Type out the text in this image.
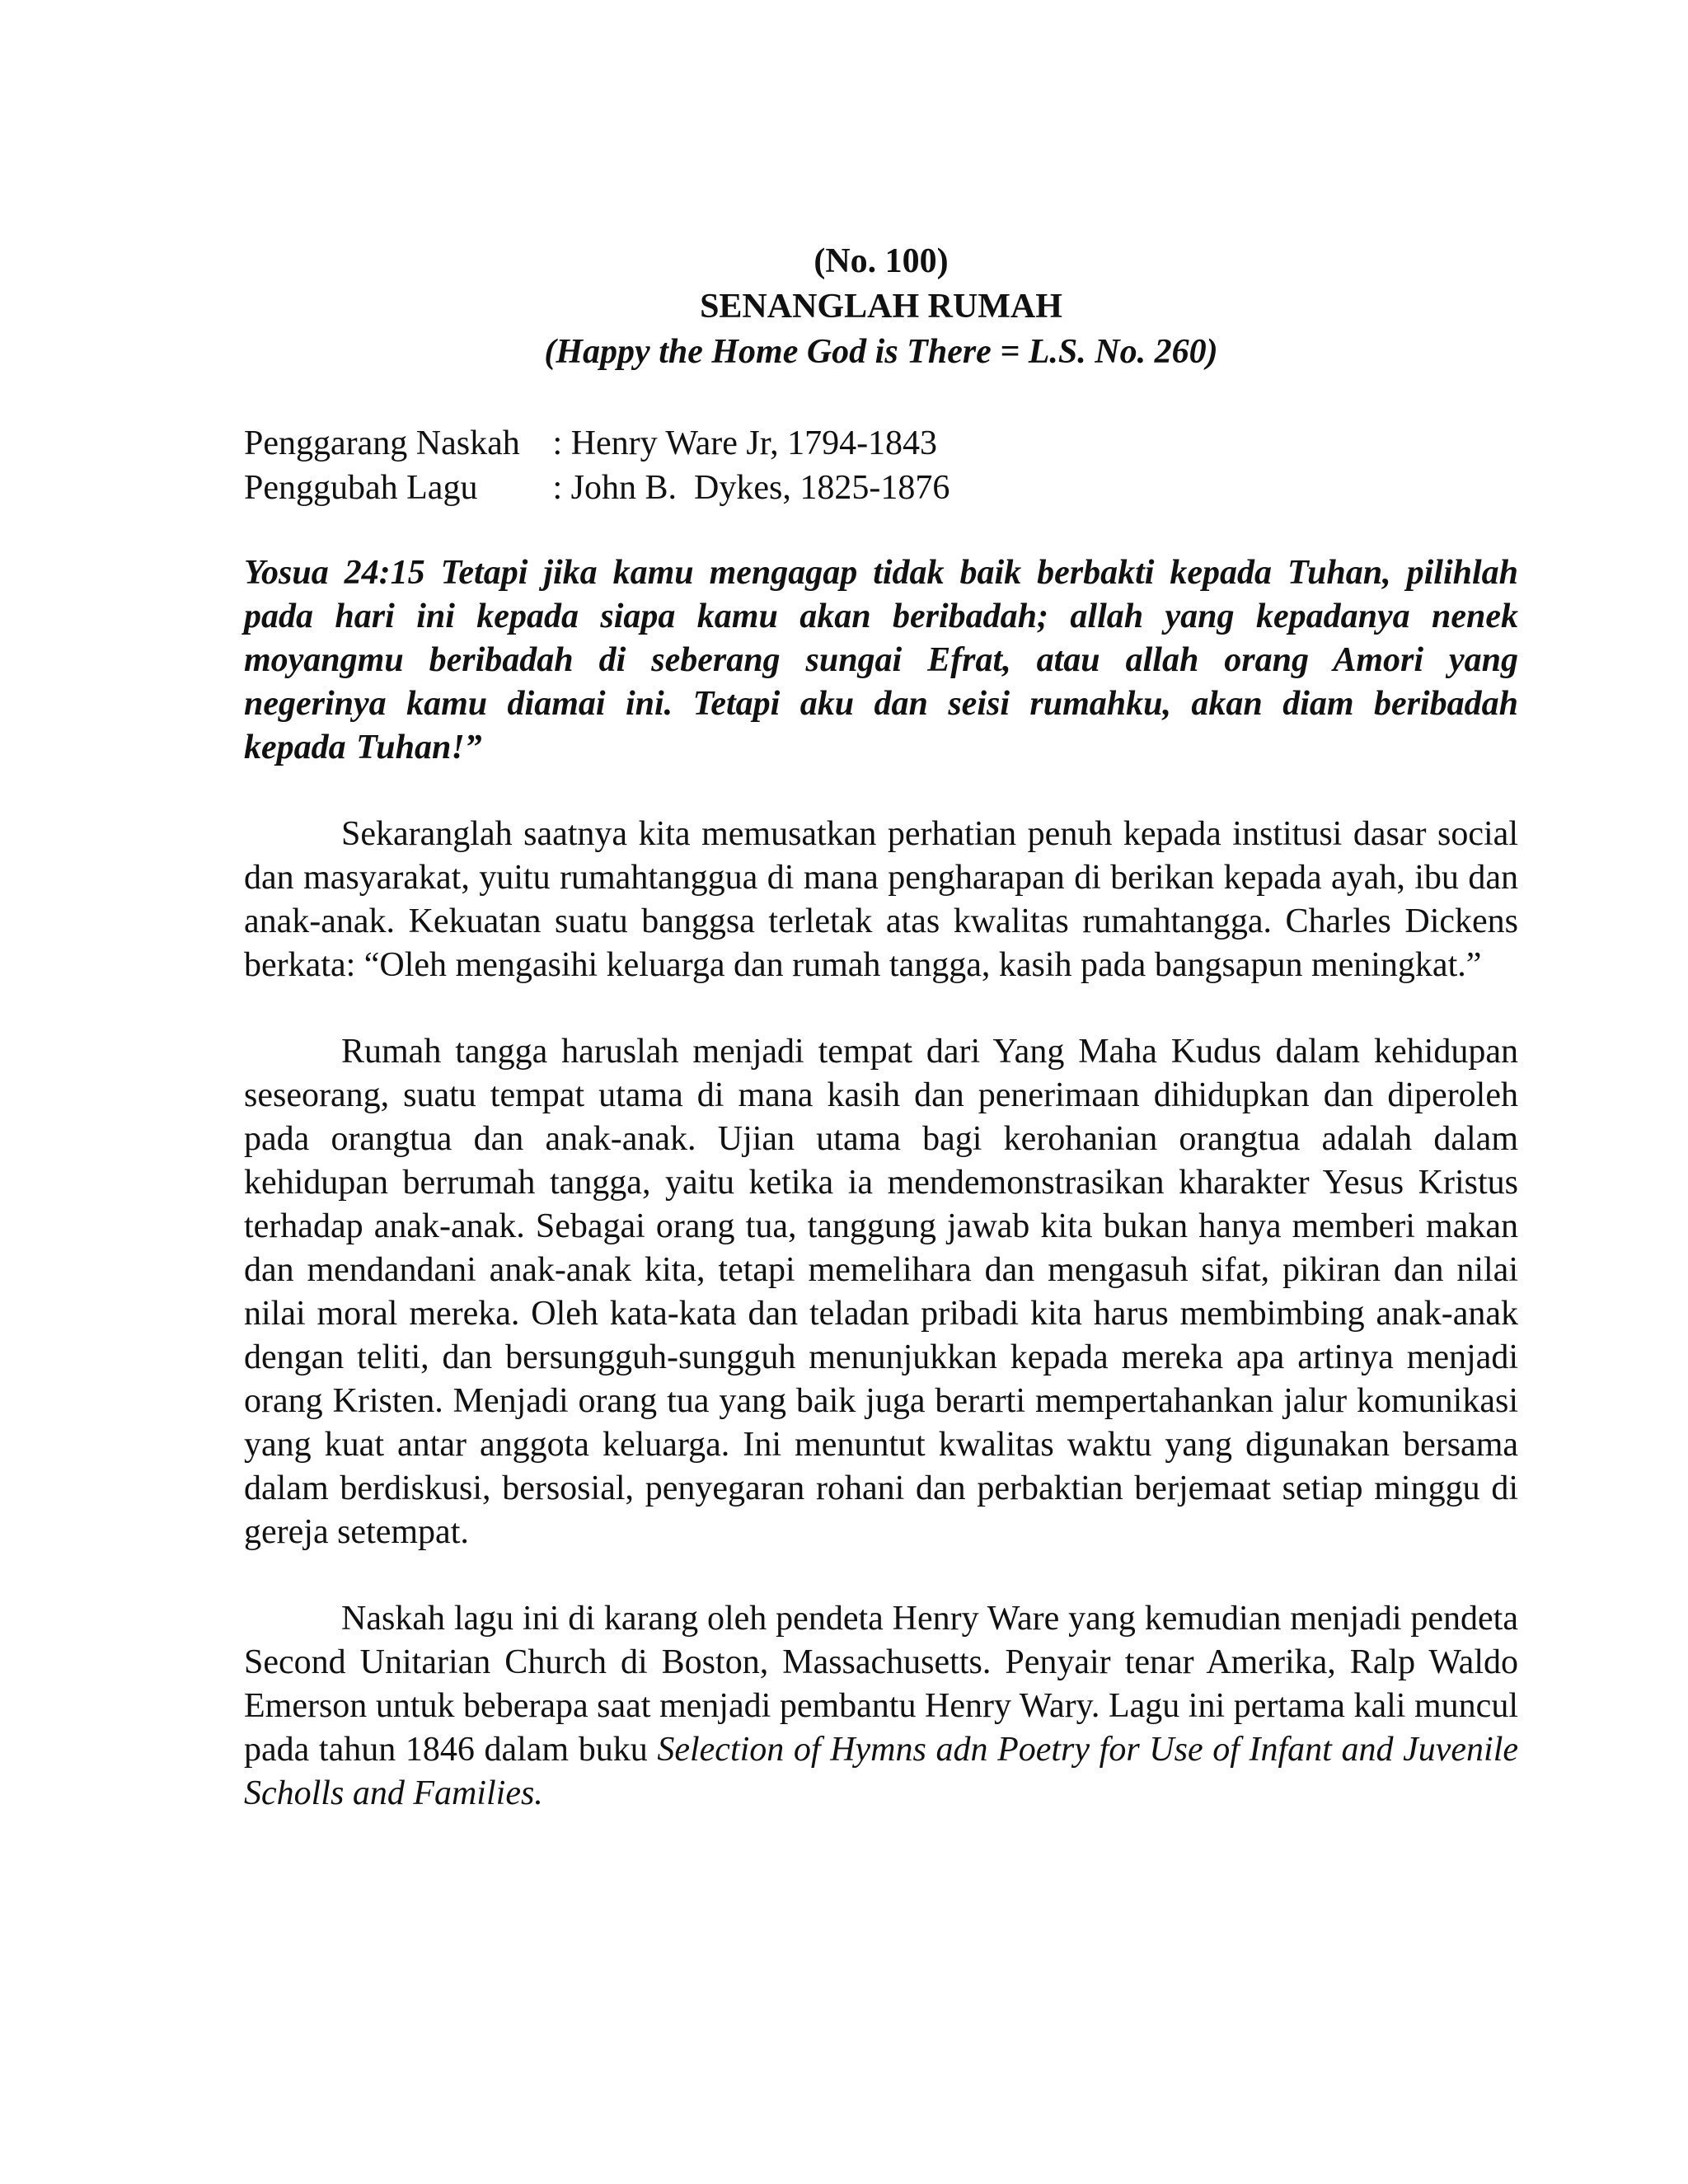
(No. 100)
SENANGLAH RUMAH
(Happy the Home God is There = L.S. No. 260)
Penggarang Naskah : Henry Ware Jr, 1794-1843
Penggubah Lagu	: John B.  Dykes, 1825-1876
Yosua 24:15 Tetapi jika kamu mengagap tidak baik berbakti kepada Tuhan, pilihlah pada hari ini kepada siapa kamu akan beribadah; allah yang kepadanya nenek moyangmu beribadah di seberang sungai Efrat, atau allah orang Amori yang negerinya kamu diamai ini. Tetapi aku dan seisi rumahku, akan diam beribadah kepada Tuhan!”

Sekaranglah saatnya kita memusatkan perhatian penuh kepada institusi dasar social dan masyarakat, yuitu rumahtanggua di mana pengharapan di berikan kepada ayah, ibu dan anak-anak. Kekuatan suatu banggsa terletak atas kwalitas rumahtangga. Charles Dickens berkata: “Oleh mengasihi keluarga dan rumah tangga, kasih pada bangsapun meningkat.”

Rumah tangga haruslah menjadi tempat dari Yang Maha Kudus dalam kehidupan seseorang, suatu tempat utama di mana kasih dan penerimaan dihidupkan dan diperoleh pada orangtua dan anak-anak. Ujian utama bagi kerohanian orangtua adalah dalam kehidupan berrumah tangga, yaitu ketika ia mendemonstrasikan kharakter Yesus Kristus terhadap anak-anak. Sebagai orang tua, tanggung jawab kita bukan hanya memberi makan dan mendandani anak-anak kita, tetapi memelihara dan mengasuh sifat, pikiran dan nilai nilai moral mereka. Oleh kata-kata dan teladan pribadi kita harus membimbing anak-anak dengan teliti, dan bersungguh-sungguh menunjukkan kepada mereka apa artinya menjadi orang Kristen. Menjadi orang tua yang baik juga berarti mempertahankan jalur komunikasi yang kuat antar anggota keluarga. Ini menuntut kwalitas waktu yang digunakan bersama dalam berdiskusi, bersosial, penyegaran rohani dan perbaktian berjemaat setiap minggu di gereja setempat.

Naskah lagu ini di karang oleh pendeta Henry Ware yang kemudian menjadi pendeta Second Unitarian Church di Boston, Massachusetts. Penyair tenar Amerika, Ralp Waldo Emerson untuk beberapa saat menjadi pembantu Henry Wary. Lagu ini pertama kali muncul pada tahun 1846 dalam buku Selection of Hymns adn Poetry for Use of Infant and Juvenile Scholls and Families.
